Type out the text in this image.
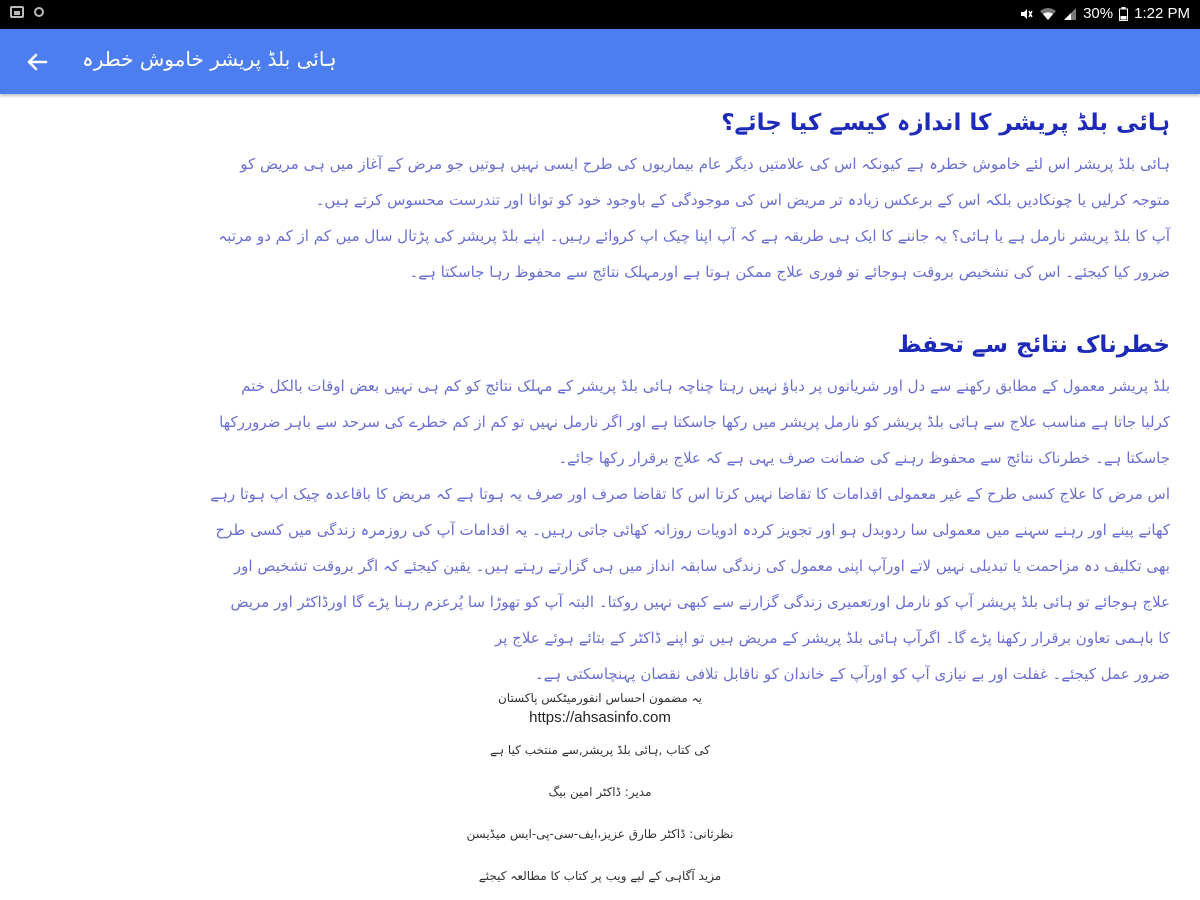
30% 1:22 PM
ہائی بلڈ پریشر خاموش خطرہ
ہائی بلڈ پریشر کا اندازہ کیسے کیا جائے؟

ہائی بلڈ پریشر اس لئے خاموش خطرہ ہے کیونکہ اس کی علامتیں دیگر عام بیماریوں کی طرح ایسی نہیں ہوتیں جو مرض کے آغاز میں ہی مریض کو

متوجہ کرلیں یا چونکادیں بلکہ اس کے برعکس زیادہ تر مریض اس کی موجودگی کے باوجود خود کو توانا اور تندرست محسوس کرتے ہیں۔

آپ کا بلڈ پریشر نارمل ہے یا ہائی؟ یہ جاننے کا ایک ہی طریقہ ہے کہ آپ اپنا چیک اپ کروائے رہیں۔ اپنے بلڈ پریشر کی پڑتال سال میں کم از کم دو مرتبہ

ضرور کیا کیجئے۔ اس کی تشخیص بروقت ہوجائے تو فوری علاج ممکن ہوتا ہے اورمہلک نتائج سے محفوظ رہا جاسکتا ہے۔

خطرناک نتائج سے تحفظ

بلڈ پریشر معمول کے مطابق رکھنے سے دل اور شریانوں پر دباؤ نہیں رہتا چناچہ ہائی بلڈ پریشر کے مہلک نتائج کو کم ہی نہیں بعض اوقات بالکل ختم

کرلیا جاتا ہے مناسب علاج سے ہائی بلڈ پریشر کو نارمل پریشر میں رکھا جاسکتا ہے اور اگر نارمل نہیں تو کم از کم خطرے کی سرحد سے باہر ضروررکھا

جاسکتا ہے۔ خطرناک نتائج سے محفوظ رہنے کی ضمانت صرف یہی ہے کہ علاج برقرار رکھا جائے۔

اس مرض کا علاج کسی طرح کے غیر معمولی اقدامات کا تقاضا نہیں کرتا اس کا تقاضا صرف اور صرف یہ ہوتا ہے کہ مریض کا باقاعدہ چیک اپ ہوتا رہے

کھانے پینے اور رہنے سہنے میں معمولی سا ردوبدل ہو اور تجویز کردہ ادویات روزانہ کھائی جاتی رہیں۔ یہ اقدامات آپ کی روزمرہ زندگی میں کسی طرح

بھی تکلیف دہ مزاحمت یا تبدیلی نہیں لاتے اورآپ اپنی معمول کی زندگی سابقہ انداز میں ہی گزارتے رہتے ہیں۔ یقین کیجئے کہ اگر بروقت تشخیص اور

علاج ہوجائے تو ہائی بلڈ پریشر آپ کو نارمل اورتعمیری زندگی گزارنے سے کبھی نہیں روکتا۔ البتہ آپ کو تھوڑا سا پُرعزم رہنا پڑے گا اورڈاکٹر اور مریض

کا باہمی تعاون برقرار رکھنا پڑے گا۔ اگرآپ ہائی بلڈ پریشر کے مریض ہیں تو اپنے ڈاکٹر کے بتائے ہوئے علاج پر

ضرور عمل کیجئے۔ غفلت اور بے نیازی آپ کو اورآپ کے خاندان کو ناقابل تلافی نقصان پہنچاسکتی ہے۔

یہ مضمون احساس انفورمیٹکس پاکستان

https://ahsasinfo.com

کی کتاب ,ہائی بلڈ پریشر,سے منتخب کیا ہے

مدیر: ڈاکٹر امین بیگ

نظرثانی: ڈاکٹر طارق عزیز،ایف-سی-پی-ایس میڈیسن

مزید آگاہی کے لیے ویب پر کتاب کا مطالعہ کیجئے
